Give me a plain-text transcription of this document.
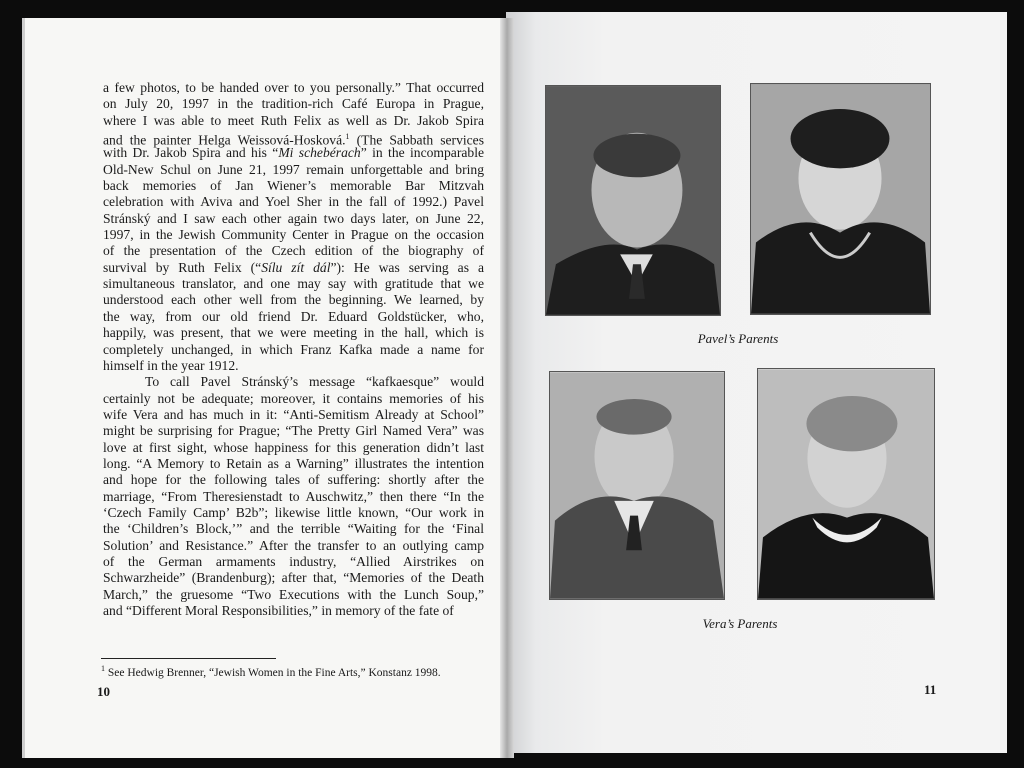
a few photos, to be handed over to you personally.” That occurred
on July 20, 1997 in the tradition-rich Café Europa in Prague,
where I was able to meet Ruth Felix as well as Dr. Jakob Spira
and the painter Helga Weissová-Hosková.$^1$ (The Sabbath services
with Dr. Jakob Spira and his “Mi schebérach” in the incomparable
Old-New Schul on June 21, 1997 remain unforgettable and bring
back memories of Jan Wiener’s memorable Bar Mitzvah
celebration with Aviva and Yoel Sher in the fall of 1992.) Pavel
Stránský and I saw each other again two days later, on June 22,
1997, in the Jewish Community Center in Prague on the occasion
of the presentation of the Czech edition of the biography of
survival by Ruth Felix (“Sílu zít dál”): He was serving as a
simultaneous translator, and one may say with gratitude that we
understood each other well from the beginning. We learned, by
the way, from our old friend Dr. Eduard Goldstücker, who,
happily, was present, that we were meeting in the hall, which is
completely unchanged, in which Franz Kafka made a name for
himself in the year 1912.
To call Pavel Stránský’s message “kafkaesque” would
certainly not be adequate; moreover, it contains memories of his
wife Vera and has much in it: “Anti-Semitism Already at School”
might be surprising for Prague; “The Pretty Girl Named Vera” was
love at first sight, whose happiness for this generation didn’t last
long. “A Memory to Retain as a Warning” illustrates the intention
and hope for the following tales of suffering: shortly after the
marriage, “From Theresienstadt to Auschwitz,” then there “In the
‘Czech Family Camp’ B2b”; likewise little known, “Our work in
the ‘Children’s Block,’” and the terrible “Waiting for the ‘Final
Solution’ and Resistance.” After the transfer to an outlying camp
of the German armaments industry, “Allied Airstrikes on
Schwarzheide” (Brandenburg); after that, “Memories of the Death
March,” the gruesome “Two Executions with the Lunch Soup,”
and “Different Moral Responsibilities,” in memory of the fate of
$^1$ See Hedwig Brenner, “Jewish Women in the Fine Arts,” Konstanz 1998.
10
Pavel’s Parents
Vera’s Parents
11
